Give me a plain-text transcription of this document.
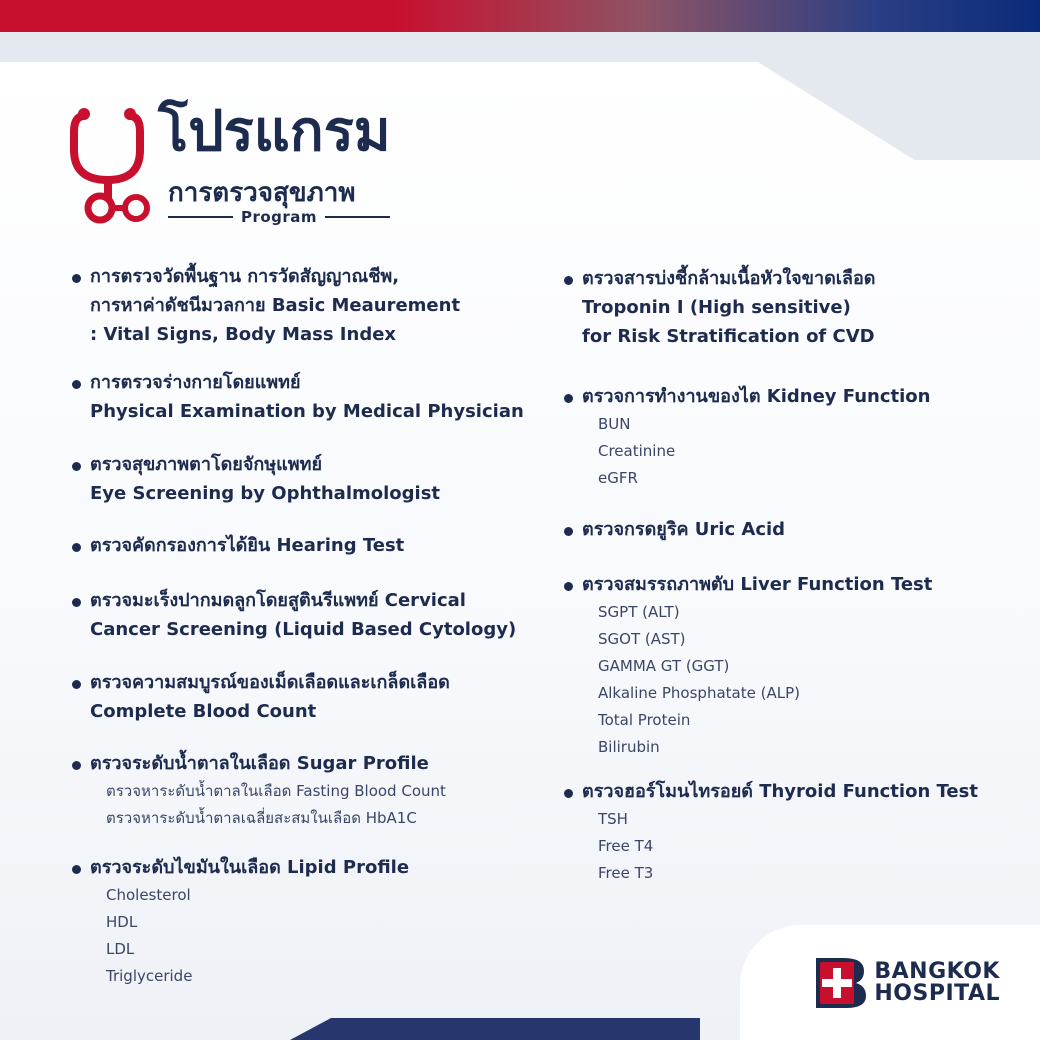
โปรแกรม
การตรวจสุขภาพ
Program
การตรวจวัดพื้นฐาน การวัดสัญญาณชีพ,
การหาค่าดัชนีมวลกาย Basic Meaurement
: Vital Signs, Body Mass Index
การตรวจร่างกายโดยแพทย์
Physical Examination by Medical Physician
ตรวจสุขภาพตาโดยจักษุแพทย์
Eye Screening by Ophthalmologist
ตรวจคัดกรองการได้ยิน Hearing Test
ตรวจมะเร็งปากมดลูกโดยสูตินรีแพทย์ Cervical
Cancer Screening (Liquid Based Cytology)
ตรวจความสมบูรณ์ของเม็ดเลือดและเกล็ดเลือด
Complete Blood Count
ตรวจระดับน้ำตาลในเลือด Sugar Profile
ตรวจหาระดับน้ำตาลในเลือด Fasting Blood Count
ตรวจหาระดับน้ำตาลเฉลี่ยสะสมในเลือด HbA1C
ตรวจระดับไขมันในเลือด Lipid Profile
Cholesterol
HDL
LDL
Triglyceride
ตรวจสารบ่งชี้กล้ามเนื้อหัวใจขาดเลือด
Troponin I (High sensitive)
for Risk Stratification of CVD
ตรวจการทำงานของไต Kidney Function
BUN
Creatinine
eGFR
ตรวจกรดยูริค Uric Acid
ตรวจสมรรถภาพตับ Liver Function Test
SGPT (ALT)
SGOT (AST)
GAMMA GT (GGT)
Alkaline Phosphatate (ALP)
Total Protein
Bilirubin
ตรวจฮอร์โมนไทรอยด์ Thyroid Function Test
TSH
Free T4
Free T3
BANGKOK
HOSPITAL
